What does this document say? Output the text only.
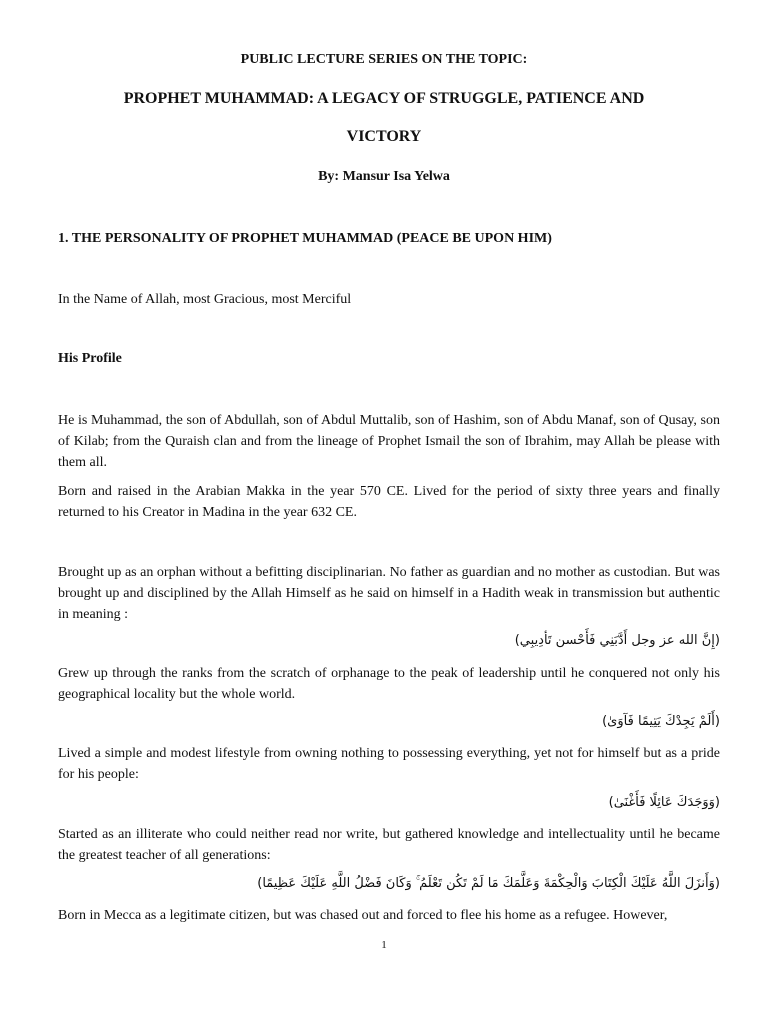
PUBLIC LECTURE SERIES ON THE TOPIC:

PROPHET MUHAMMAD: A LEGACY OF STRUGGLE, PATIENCE AND

VICTORY

By: Mansur Isa Yelwa

1. THE PERSONALITY OF PROPHET MUHAMMAD (PEACE BE UPON HIM)

In the Name of Allah, most Gracious, most Merciful

His Profile

He is Muhammad, the son of Abdullah, son of Abdul Muttalib, son of Hashim, son of Abdu Manaf, son of Qusay, son of Kilab; from the Quraish clan and from the lineage of Prophet Ismail the son of Ibrahim, may Allah be please with them all.

Born and raised in the Arabian Makka in the year 570 CE. Lived for the period of sixty three years and finally returned to his Creator in Madina in the year 632 CE.

Brought up as an orphan without a befitting disciplinarian. No father as guardian and no mother as custodian. But was brought up and disciplined by the Allah Himself as he said on himself in a Hadith weak in transmission but authentic in meaning :

(إِنَّ الله عز وجل أَدَّبَنِي فَأَحْسن تَأدِيبِي)

Grew up through the ranks from the scratch of orphanage to the peak of leadership until he conquered not only his geographical locality but the whole world.

(أَلَمْ يَجِدْكَ يَتِيمًا فَآوَىٰ)

Lived a simple and modest lifestyle from owning nothing to possessing everything, yet not for himself but as a pride for his people:

(وَوَجَدَكَ عَائِلًا فَأَغْنَىٰ)

Started as an illiterate who could neither read nor write, but gathered knowledge and intellectuality until he became the greatest teacher of all generations:

(وَأَنزَلَ اللَّهُ عَلَيْكَ الْكِتَابَ وَالْحِكْمَةَ وَعَلَّمَكَ مَا لَمْ تَكُن تَعْلَمُ ۚ وَكَانَ فَضْلُ اللَّهِ عَلَيْكَ عَظِيمًا)

Born in Mecca as a legitimate citizen, but was chased out and forced to flee his home as a refugee. However,

1
